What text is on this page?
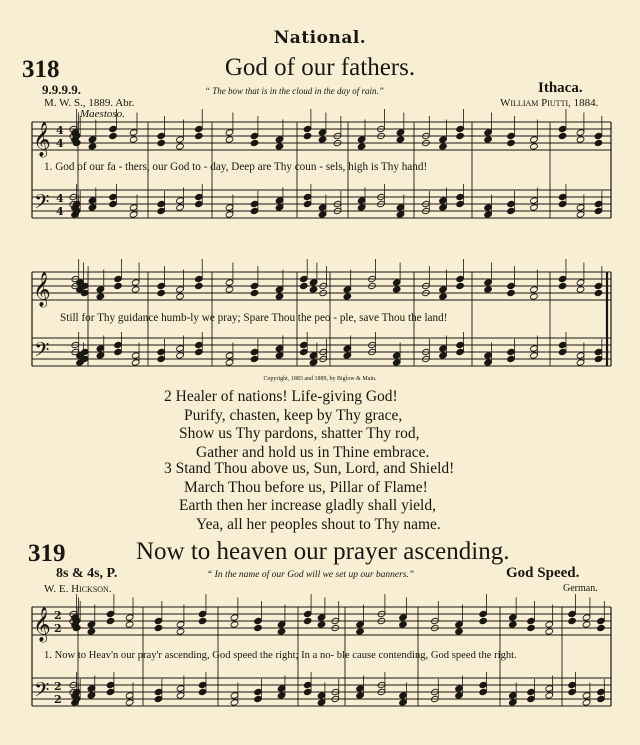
National.
318	God of our fathers.
9.9.9.9.	Ithaca.
“ The bow that is in the cloud in the day of rain.”
M. W. S., 1889. Abr.	William Piutti, 1884.
Maestoso.
1. God of our fa - thers, our God to - day, Deep are Thy coun - sels, high is Thy hand!
Still for Thy guidance humb-ly we pray; Spare Thou the peo - ple, save Thou the land!
Copyright, 1883 and 1889, by Biglow & Main.
2 Healer of nations! Life-giving God!
Purify, chasten, keep by Thy grace,
Show us Thy pardons, shatter Thy rod,
Gather and hold us in Thine embrace.
3 Stand Thou above us, Sun, Lord, and Shield!
March Thou before us, Pillar of Flame!
Earth then her increase gladly shall yield,
Yea, all her peoples shout to Thy name.
319	Now to heaven our prayer ascending.
8s & 4s, P.	God Speed.
“ In the name of our God will we set up our banners.”
W. E. Hickson.	German.
1. Now to Heav'n our pray'r ascending, God speed the right; In a no- ble cause contending, God speed the right.
𝄞
𝄢
𝄞
𝄢
𝄞
𝄢
4
4
4
4
2
2
2
2
